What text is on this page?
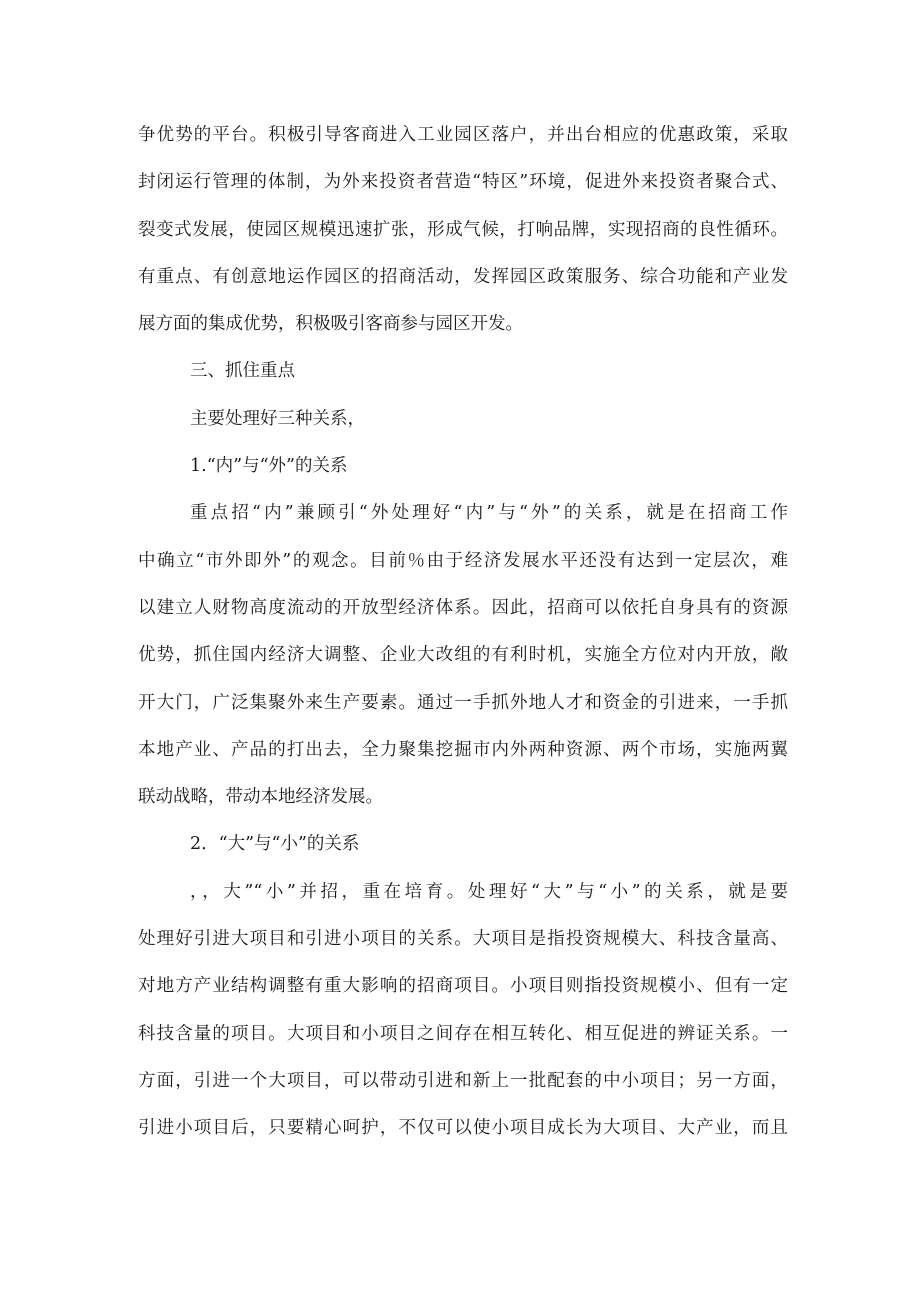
争优势的平台。积极引导客商进入工业园区落户，并出台相应的优惠政策，采取
封闭运行管理的体制，为外来投资者营造“特区”环境，促进外来投资者聚合式、
裂变式发展，使园区规模迅速扩张，形成气候，打响品牌，实现招商的良性循环。
有重点、有创意地运作园区的招商活动，发挥园区政策服务、综合功能和产业发
展方面的集成优势，积极吸引客商参与园区开发。
三、抓住重点
主要处理好三种关系，
1.“内”与“外”的关系
重点招“内”兼顾引“外处理好“内”与“外”的关系，就是在招商工作
中确立“市外即外”的观念。目前％由于经济发展水平还没有达到一定层次，难
以建立人财物高度流动的开放型经济体系。因此，招商可以依托自身具有的资源
优势，抓住国内经济大调整、企业大改组的有利时机，实施全方位对内开放，敞
开大门，广泛集聚外来生产要素。通过一手抓外地人才和资金的引进来，一手抓
本地产业、产品的打出去，全力聚集挖掘市内外两种资源、两个市场，实施两翼
联动战略，带动本地经济发展。
2．“大”与“小”的关系
，，大”“小”并招，重在培育。处理好“大”与“小”的关系，就是要
处理好引进大项目和引进小项目的关系。大项目是指投资规模大、科技含量高、
对地方产业结构调整有重大影响的招商项目。小项目则指投资规模小、但有一定
科技含量的项目。大项目和小项目之间存在相互转化、相互促进的辨证关系。一
方面，引进一个大项目，可以带动引进和新上一批配套的中小项目；另一方面，
引进小项目后，只要精心呵护，不仅可以使小项目成长为大项目、大产业，而且
